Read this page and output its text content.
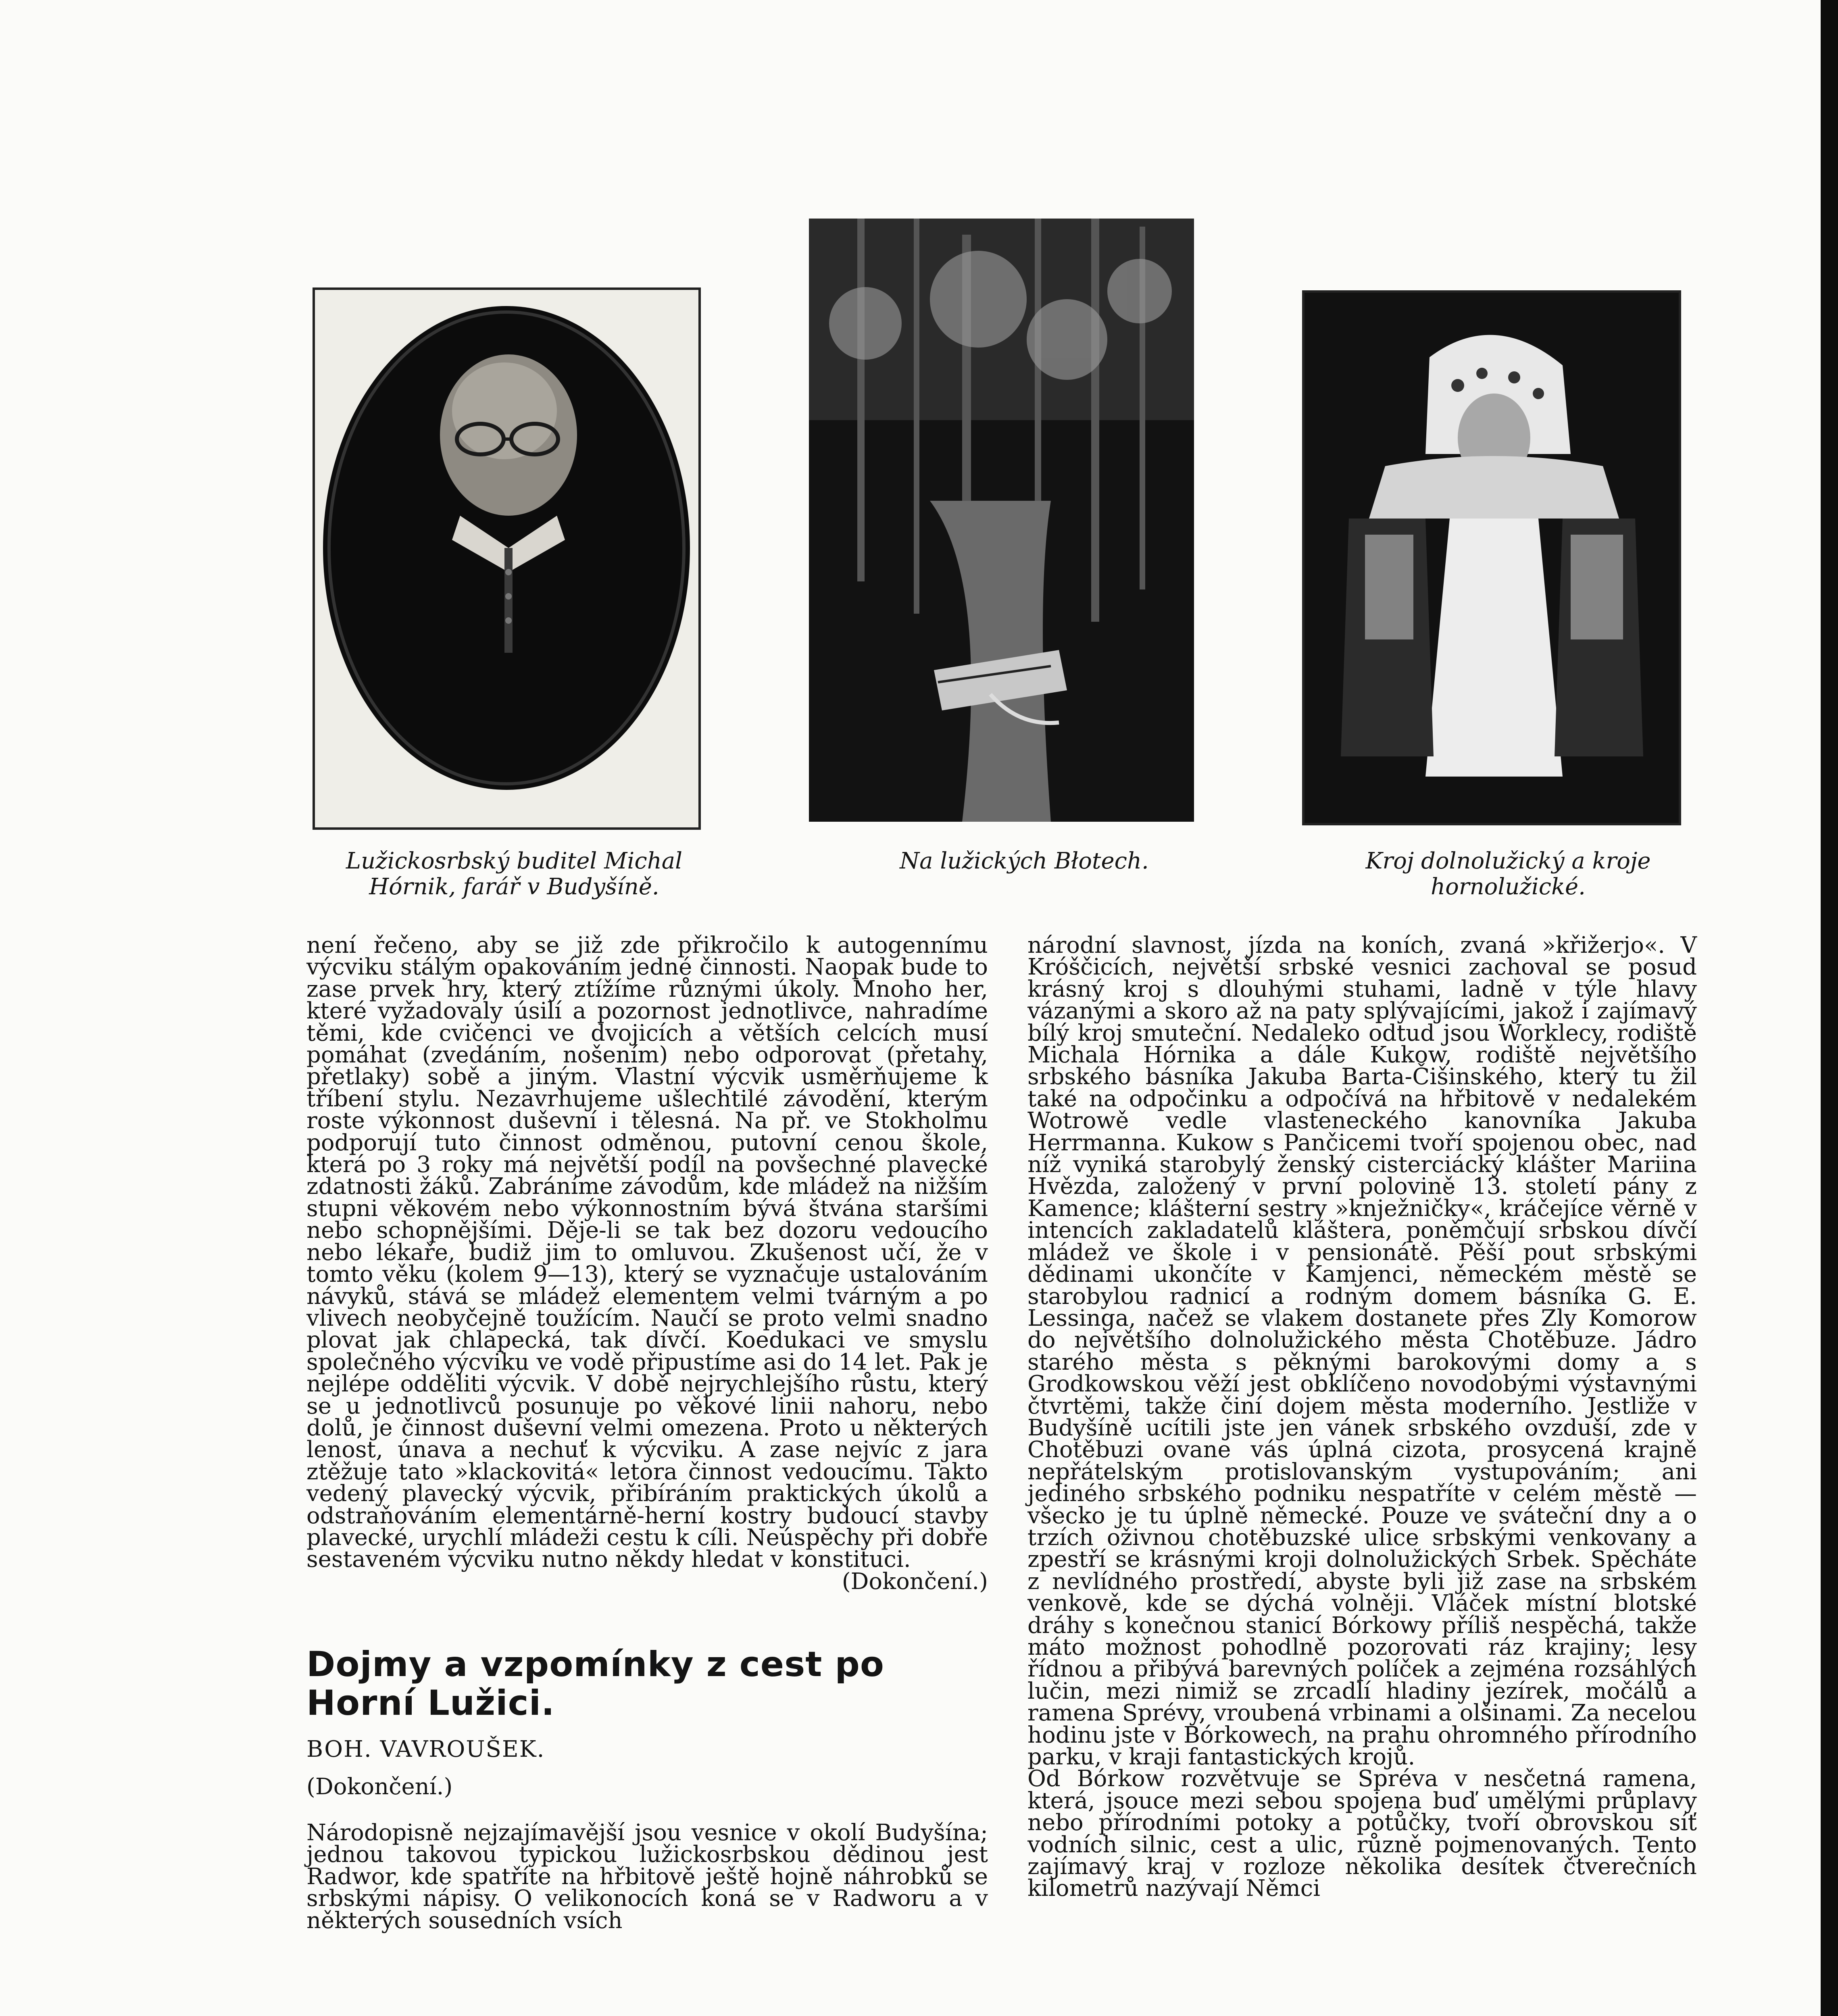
Lužickosrbský buditel Michal
Hórnik, farář v Budyšíně.
Na lužických Błotech.	Kroj dolnolužický a kroje
hornolužické.

není řečeno, aby se již zde přikročilo k autogennímu výcviku stálým opakováním jedné činnosti. Naopak bude to zase prvek hry, který ztížíme různými úkoly. Mnoho her, které vyžadovaly úsilí a pozornost jednotlivce, nahradíme těmi, kde cvičenci ve dvojicích a větších celcích musí pomáhat (zvedáním, nošením) nebo odporovat (přetahy, přetlaky) sobě a jiným. Vlastní výcvik usměrňujeme k tříbení stylu. Nezavrhujeme ušlechtilé závodění, kterým roste výkonnost duševní i tělesná. Na př. ve Stokholmu podporují tuto činnost odměnou, putovní cenou škole, která po 3 roky má největší podíl na povšechné plavecké zdatnosti žáků. Zabráníme závodům, kde mládež na nižším stupni věkovém nebo výkonnostním bývá štvána staršími nebo schopnějšími. Děje-li se tak bez dozoru vedoucího nebo lékaře, budiž jim to omluvou. Zkušenost učí, že v tomto věku (kolem 9—13), který se vyznačuje ustalováním návyků, stává se mládež elementem velmi tvárným a po vlivech neobyčejně toužícím. Naučí se proto velmi snadno plovat jak chlapecká, tak dívčí. Koedukaci ve smyslu společného výcviku ve vodě připustíme asi do 14 let. Pak je nejlépe odděliti výcvik. V době nejrychlejšího růstu, který se u jednotlivců posunuje po věkové linii nahoru, nebo dolů, je činnost duševní velmi omezena. Proto u některých lenost, únava a nechuť k výcviku. A zase nejvíc z jara ztěžuje tato »klackovitá« letora činnost vedoucímu. Takto vedený plavecký výcvik, přibíráním praktických úkolů a odstraňováním elementárně-herní kostry budoucí stavby plavecké, urychlí mládeži cestu k cíli. Neúspěchy při dobře sestaveném výcviku nutno někdy hledat v konstituci.

(Dokončení.)

Dojmy a vzpomínky z cest po Horní Lužici.
BOH. VAVROUŠEK.
(Dokončení.)

Národopisně nejzajímavější jsou vesnice v okolí Budyšína; jednou takovou typickou lužickosrbskou dědinou jest Radwor, kde spatříte na hřbitově ještě hojně náhrobků se srbskými nápisy. O velikonocích koná se v Radworu a v některých sousedních vsích

národní slavnost, jízda na koních, zvaná »křižerjo«. V Króščicích, největší srbské vesnici zachoval se posud krásný kroj s dlouhými stuhami, ladně v týle hlavy vázanými a skoro až na paty splývajícími, jakož i zajímavý bílý kroj smuteční. Nedaleko odtud jsou Worklecy, rodiště Michala Hórnika a dále Kukow, rodiště největšího srbského básníka Jakuba Barta-Čišinského, který tu žil také na odpočinku a odpočívá na hřbitově v nedalekém Wotrowě vedle vlasteneckého kanovníka Jakuba Herrmanna. Kukow s Pančicemi tvoří spojenou obec, nad níž vyniká starobylý ženský cisterciácký klášter Mariina Hvězda, založený v první polovině 13. století pány z Kamence; klášterní sestry »knježničky«, kráčejíce věrně v intencích zakladatelů kláštera, poněmčují srbskou dívčí mládež ve škole i v pensionátě. Pěší pout srbskými dědinami ukončíte v Kamjenci, německém městě se starobylou radnicí a rodným domem básníka G. E. Lessinga, načež se vlakem dostanete přes Zly Komorow do největšího dolnolužického města Chotěbuze. Jádro starého města s pěknými barokovými domy a s Grodkowskou věží jest obklíčeno novodobými výstavnými čtvrtěmi, takže činí dojem města moderního. Jestliže v Budyšíně ucítili jste jen vánek srbského ovzduší, zde v Chotěbuzi ovane vás úplná cizota, prosycená krajně nepřátelským protislovanským vystupováním; ani jediného srbského podniku nespatříte v celém městě — všecko je tu úplně německé. Pouze ve sváteční dny a o trzích oživnou chotěbuzské ulice srbskými venkovany a zpestří se krásnými kroji dolnolužických Srbek. Spěcháte z nevlídného prostředí, abyste byli již zase na srbském venkově, kde se dýchá volněji. Vláček místní blotské dráhy s konečnou stanicí Bórkowy příliš nespěchá, takže máto možnost pohodlně pozorovati ráz krajiny; lesy řídnou a přibývá barevných políček a zejména rozsáhlých lučin, mezi nimiž se zrcadlí hladiny jezírek, močálů a ramena Sprévy, vroubená vrbinami a olšinami. Za necelou hodinu jste v Bórkowech, na prahu ohromného přírodního parku, v kraji fantastických krojů.

Od Bórkow rozvětvuje se Spréva v nesčetná ramena, která, jsouce mezi sebou spojena buď umělými průplavy nebo přírodními potoky a potůčky, tvoří obrovskou síť vodních silnic, cest a ulic, různě pojmenovaných. Tento zajímavý kraj v rozloze několika desítek čtverečních kilometrů nazývají Němci
